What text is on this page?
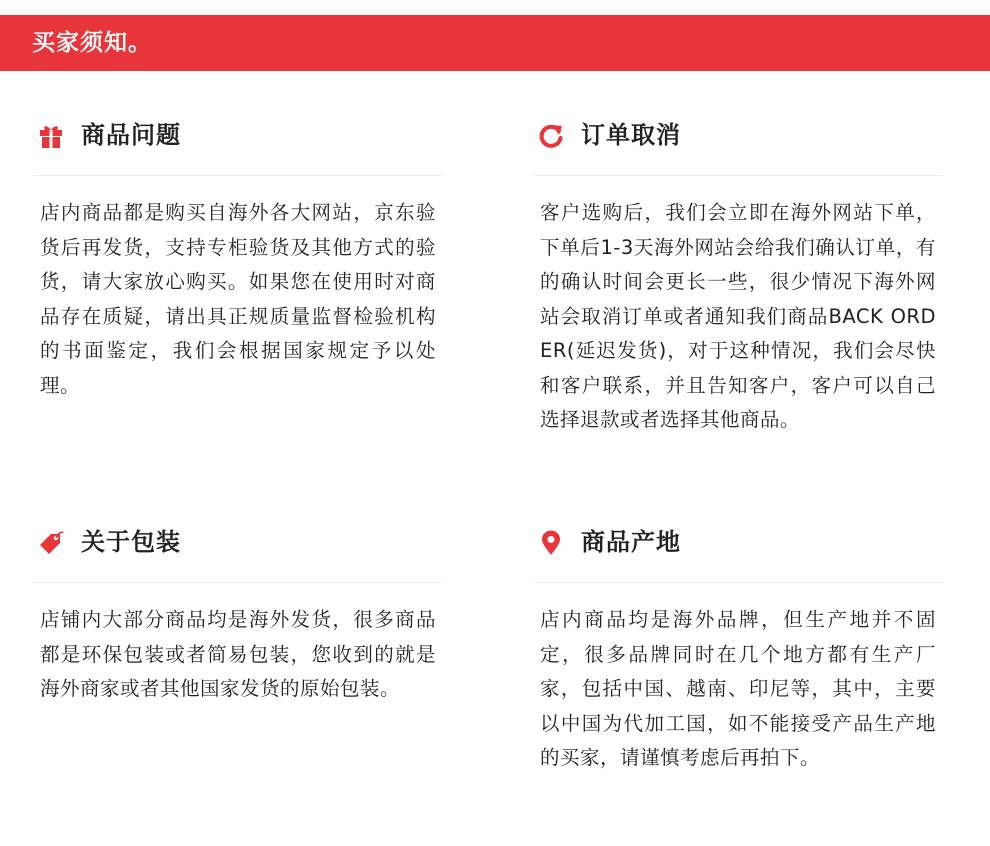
买家须知。
商品问题
店内商品都是购买自海外各大网站，京东验货后再发货，支持专柜验货及其他方式的验货，请大家放心购买。如果您在使用时对商品存在质疑，请出具正规质量监督检验机构的书面鉴定，我们会根据国家规定予以处理。
订单取消
客户选购后，我们会立即在海外网站下单，下单后1-3天海外网站会给我们确认订单，有的确认时间会更长一些，很少情况下海外网站会取消订单或者通知我们商品BACK ORDER(延迟发货)，对于这种情况，我们会尽快和客户联系，并且告知客户，客户可以自己选择退款或者选择其他商品。
关于包装
店铺内大部分商品均是海外发货，很多商品都是环保包装或者简易包装，您收到的就是海外商家或者其他国家发货的原始包装。
商品产地
店内商品均是海外品牌，但生产地并不固定，很多品牌同时在几个地方都有生产厂家，包括中国、越南、印尼等，其中，主要以中国为代加工国，如不能接受产品生产地的买家，请谨慎考虑后再拍下。
